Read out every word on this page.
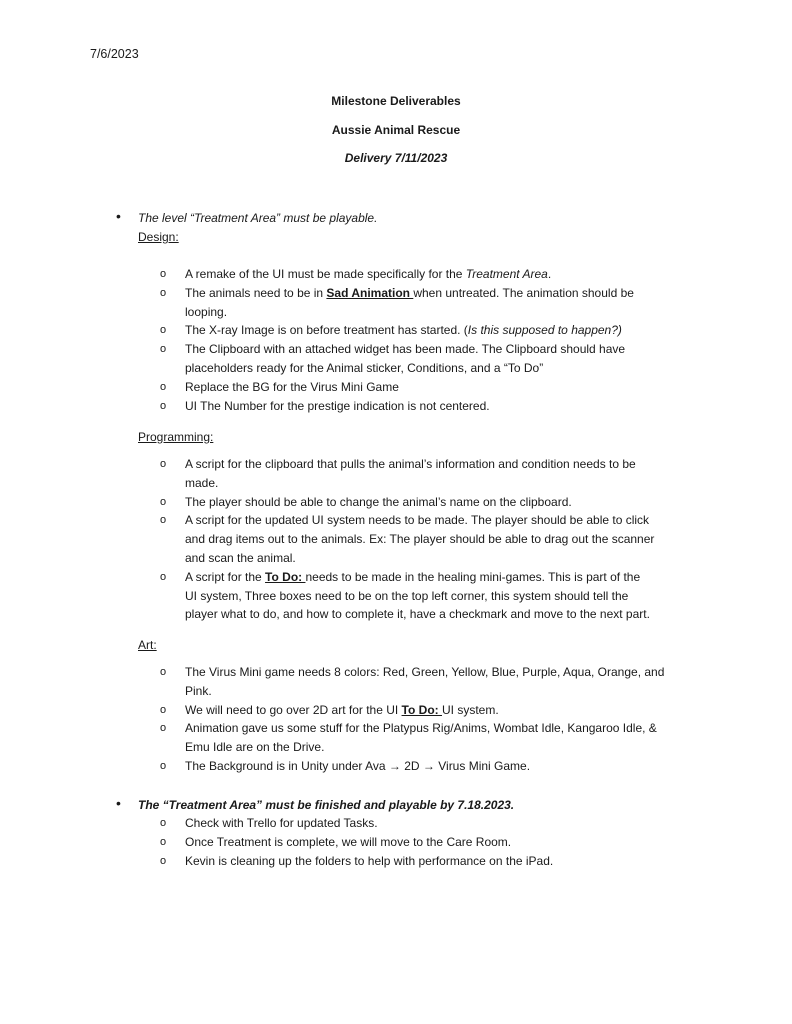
7/6/2023
Milestone Deliverables
Aussie Animal Rescue
Delivery 7/11/2023
• The level “Treatment Area” must be playable.
Design:
o A remake of the UI must be made specifically for the Treatment Area.
o The animals need to be in Sad Animation when untreated. The animation should be
looping.
o The X-ray Image is on before treatment has started. (Is this supposed to happen?)
o The Clipboard with an attached widget has been made. The Clipboard should have
placeholders ready for the Animal sticker, Conditions, and a “To Do”
o Replace the BG for the Virus Mini Game
o UI The Number for the prestige indication is not centered.
Programming:
o A script for the clipboard that pulls the animal’s information and condition needs to be
made.
o The player should be able to change the animal’s name on the clipboard.
o A script for the updated UI system needs to be made. The player should be able to click
and drag items out to the animals. Ex: The player should be able to drag out the scanner
and scan the animal.
o A script for the To Do: needs to be made in the healing mini-games. This is part of the
UI system, Three boxes need to be on the top left corner, this system should tell the
player what to do, and how to complete it, have a checkmark and move to the next part.
Art:
o The Virus Mini game needs 8 colors: Red, Green, Yellow, Blue, Purple, Aqua, Orange, and
Pink.
o We will need to go over 2D art for the UI To Do: UI system.
o Animation gave us some stuff for the Platypus Rig/Anims, Wombat Idle, Kangaroo Idle, &
Emu Idle are on the Drive.
o The Background is in Unity under Ava → 2D → Virus Mini Game.
• The “Treatment Area” must be finished and playable by 7.18.2023.
o Check with Trello for updated Tasks.
o Once Treatment is complete, we will move to the Care Room.
o Kevin is cleaning up the folders to help with performance on the iPad.
